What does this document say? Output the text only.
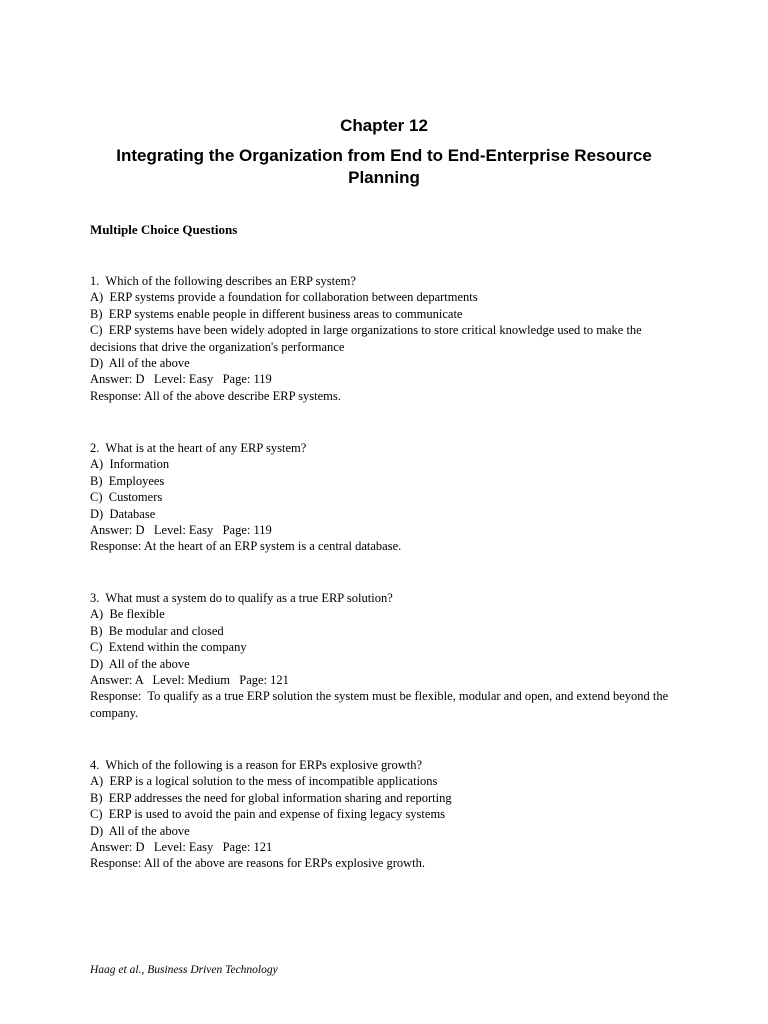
Chapter 12
Integrating the Organization from End to End-Enterprise Resource Planning
Multiple Choice Questions
1.  Which of the following describes an ERP system?
A)  ERP systems provide a foundation for collaboration between departments
B)  ERP systems enable people in different business areas to communicate
C)  ERP systems have been widely adopted in large organizations to store critical knowledge used to make the decisions that drive the organization's performance
D)  All of the above
Answer: D   Level: Easy   Page: 119
Response: All of the above describe ERP systems.
2.  What is at the heart of any ERP system?
A)  Information
B)  Employees
C)  Customers
D)  Database
Answer: D   Level: Easy   Page: 119
Response: At the heart of an ERP system is a central database.
3.  What must a system do to qualify as a true ERP solution?
A)  Be flexible
B)  Be modular and closed
C)  Extend within the company
D)  All of the above
Answer: A   Level: Medium   Page: 121
Response:  To qualify as a true ERP solution the system must be flexible, modular and open, and extend beyond the company.
4.  Which of the following is a reason for ERPs explosive growth?
A)  ERP is a logical solution to the mess of incompatible applications
B)  ERP addresses the need for global information sharing and reporting
C)  ERP is used to avoid the pain and expense of fixing legacy systems
D)  All of the above
Answer: D   Level: Easy   Page: 121
Response: All of the above are reasons for ERPs explosive growth.
Haag et al., Business Driven Technology
